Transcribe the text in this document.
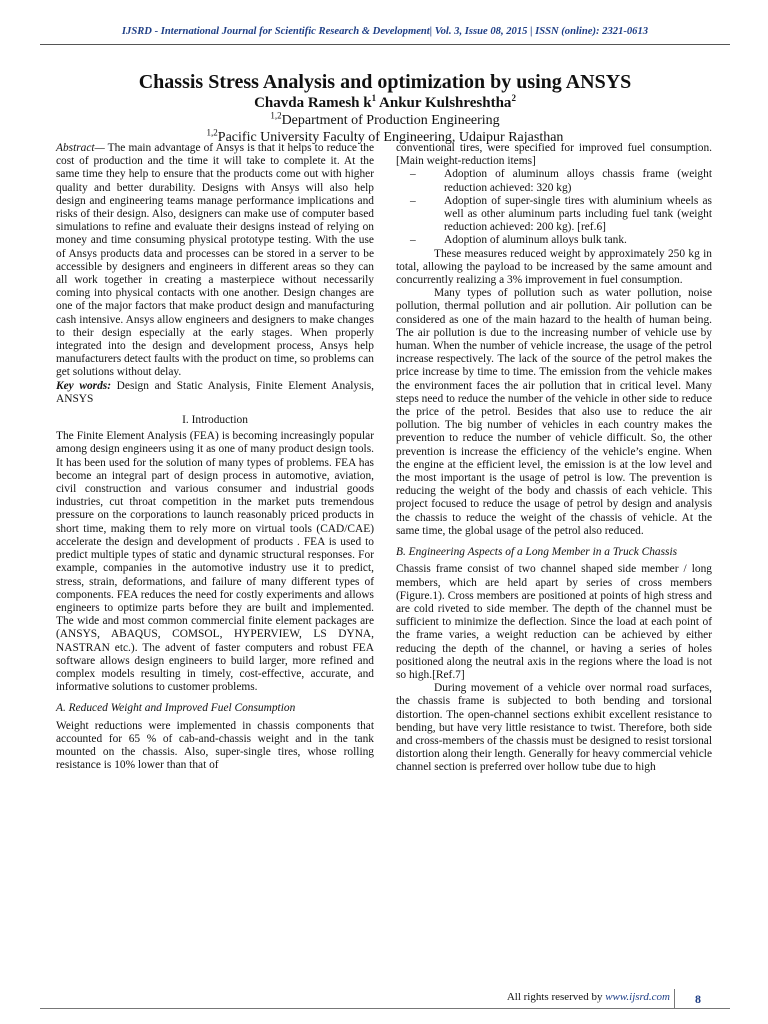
IJSRD - International Journal for Scientific Research & Development| Vol. 3, Issue 08, 2015 | ISSN (online): 2321-0613
Chassis Stress Analysis and optimization by using ANSYS
Chavda Ramesh $k^1$ Ankur Kulshreshtha$^2$
$^{1,2}$Department of Production Engineering
$^{1,2}$Pacific University Faculty of Engineering, Udaipur Rajasthan

Abstract— The main advantage of Ansys is that it helps to reduce the cost of production and the time it will take to complete it. At the same time they help to ensure that the products come out with higher quality and better durability. Designs with Ansys will also help design and engineering teams manage performance implications and risks of their design. Also, designers can make use of computer based simulations to refine and evaluate their designs instead of relying on money and time consuming physical prototype testing. With the use of Ansys products data and processes can be stored in a server to be accessible by designers and engineers in different areas so they can all work together in creating a masterpiece without necessarily coming into physical contacts with one another. Design changes are one of the major factors that make product design and manufacturing cash intensive. Ansys allow engineers and designers to make changes to their design especially at the early stages. When properly integrated into the design and development process, Ansys help manufacturers detect faults with the product on time, so problems can get solutions without delay.

Key words: Design and Static Analysis, Finite Element Analysis, ANSYS

I. Introduction

The Finite Element Analysis (FEA) is becoming increasingly popular among design engineers using it as one of many product design tools. It has been used for the solution of many types of problems. FEA has become an integral part of design process in automotive, aviation, civil construction and various consumer and industrial goods industries, cut throat competition in the market puts tremendous pressure on the corporations to launch reasonably priced products in short time, making them to rely more on virtual tools (CAD/CAE) accelerate the design and development of products . FEA is used to predict multiple types of static and dynamic structural responses. For example, companies in the automotive industry use it to predict, stress, strain, deformations, and failure of many different types of components. FEA reduces the need for costly experiments and allows engineers to optimize parts before they are built and implemented. The wide and most common commercial finite element packages are (ANSYS, ABAQUS, COMSOL, HYPERVIEW, LS DYNA, NASTRAN etc.). The advent of faster computers and robust FEA software allows design engineers to build larger, more refined and complex models resulting in timely, cost-effective, accurate, and informative solutions to customer problems.

A. Reduced Weight and Improved Fuel Consumption

Weight reductions were implemented in chassis components that accounted for 65 % of cab-and-chassis weight and in the tank mounted on the chassis. Also, super-single tires, whose rolling resistance is 10% lower than that of

conventional tires, were specified for improved fuel consumption. [Main weight-reduction items]

– Adoption of aluminum alloys chassis frame (weight reduction achieved: 320 kg)
– Adoption of super-single tires with aluminium wheels as well as other aluminum parts including fuel tank (weight reduction achieved: 200 kg). [ref.6]
– Adoption of aluminum alloys bulk tank.

These measures reduced weight by approximately 250 kg in total, allowing the payload to be increased by the same amount and concurrently realizing a 3% improvement in fuel consumption.

Many types of pollution such as water pollution, noise pollution, thermal pollution and air pollution. Air pollution can be considered as one of the main hazard to the health of human being. The air pollution is due to the increasing number of vehicle use by human. When the number of vehicle increase, the usage of the petrol increase respectively. The lack of the source of the petrol makes the price increase by time to time. The emission from the vehicle makes the environment faces the air pollution that in critical level. Many steps need to reduce the number of the vehicle in other side to reduce the price of the petrol. Besides that also use to reduce the air pollution. The big number of vehicles in each country makes the prevention to reduce the number of vehicle difficult. So, the other prevention is increase the efficiency of the vehicle’s engine. When the engine at the efficient level, the emission is at the low level and the most important is the usage of petrol is low. The prevention is reducing the weight of the body and chassis of each vehicle. This project focused to reduce the usage of petrol by design and analysis the chassis to reduce the weight of the chassis of vehicle. At the same time, the global usage of the petrol also reduced.

B. Engineering Aspects of a Long Member in a Truck Chassis

Chassis frame consist of two channel shaped side member / long members, which are held apart by series of cross members (Figure.1). Cross members are positioned at points of high stress and are cold riveted to side member. The depth of the channel must be sufficient to minimize the deflection. Since the load at each point of the frame varies, a weight reduction can be achieved by either reducing the depth of the channel, or having a series of holes positioned along the neutral axis in the regions where the load is not so high.[Ref.7]

During movement of a vehicle over normal road surfaces, the chassis frame is subjected to both bending and torsional distortion. The open-channel sections exhibit excellent resistance to bending, but have very little resistance to twist. Therefore, both side and cross-members of the chassis must be designed to resist torsional distortion along their length. Generally for heavy commercial vehicle channel section is preferred over hollow tube due to high

All rights reserved by www.ijsrd.com	8
